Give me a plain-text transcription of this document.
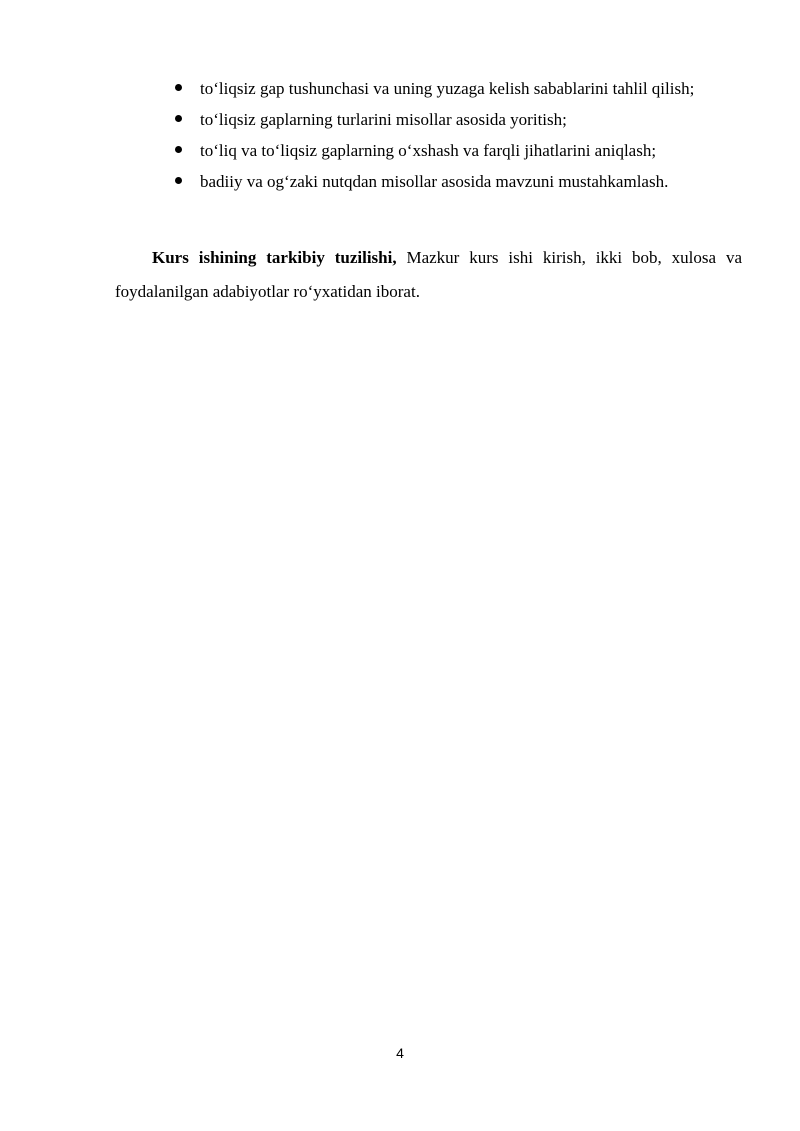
to‘liqsiz gap tushunchasi va uning yuzaga kelish sabablarini tahlil qilish;
to‘liqsiz gaplarning turlarini misollar asosida yoritish;
to‘liq va to‘liqsiz gaplarning o‘xshash va farqli jihatlarini aniqlash;
badiiy va og‘zaki nutqdan misollar asosida mavzuni mustahkamlash.

Kurs ishining tarkibiy tuzilishi, Mazkur kurs ishi kirish, ikki bob, xulosa va foydalanilgan adabiyotlar ro‘yxatidan iborat.

4
